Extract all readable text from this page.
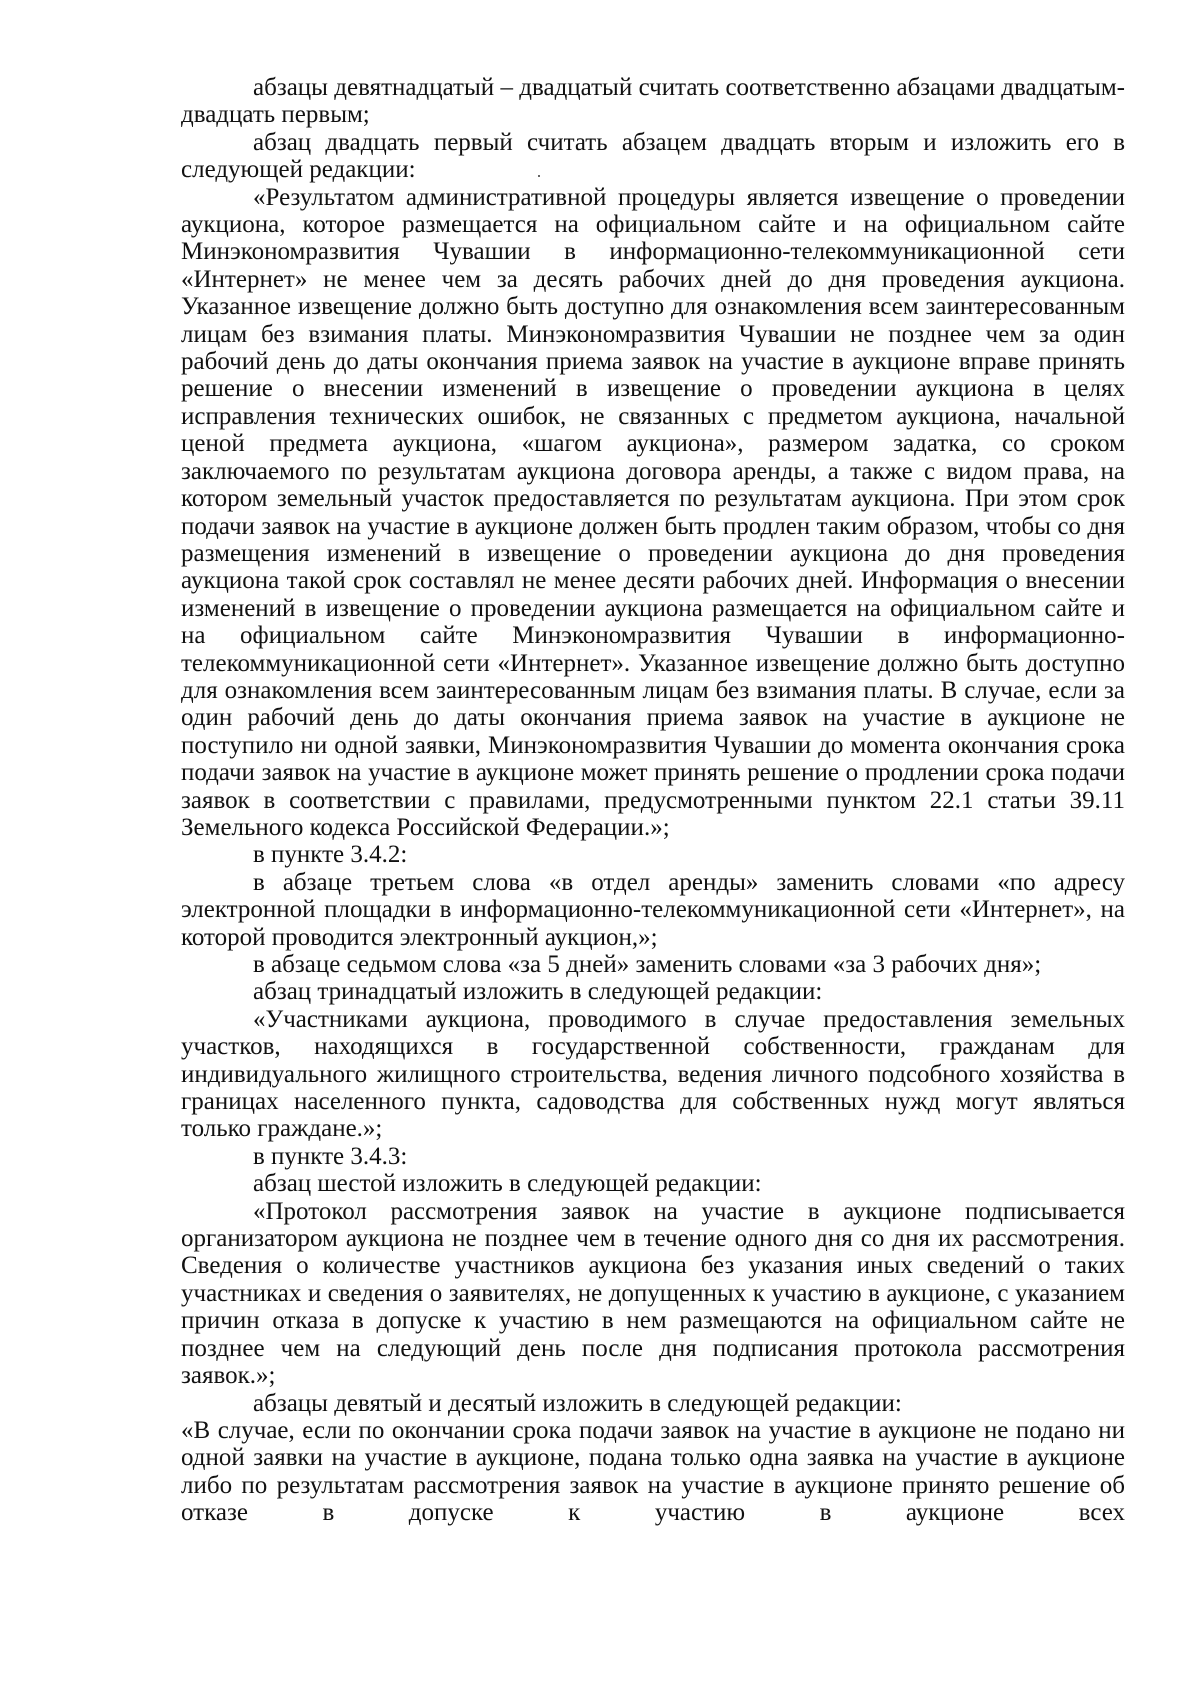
абзацы девятнадцатый – двадцатый считать соответственно абзацами двадцатым- двадцать первым;

абзац двадцать первый считать абзацем двадцать вторым и изложить его в следующей редакции:

«Результатом административной процедуры является извещение о проведении аукциона, которое размещается на официальном сайте и на официальном сайте Минэкономразвития Чувашии в информационно-телекоммуникационной сети «Интернет» не менее чем за десять рабочих дней до дня проведения аукциона. Указанное извещение должно быть доступно для ознакомления всем заинтересованным лицам без взимания платы. Минэкономразвития Чувашии не позднее чем за один рабочий день до даты окончания приема заявок на участие в аукционе вправе принять решение о внесении изменений в извещение о проведении аукциона в целях исправления технических ошибок, не связанных с предметом аукциона, начальной ценой предмета аукциона, «шагом аукциона», размером задатка, со сроком заключаемого по результатам аукциона договора аренды, а также с видом права, на котором земельный участок предоставляется по результатам аукциона. При этом срок подачи заявок на участие в аукционе должен быть продлен таким образом, чтобы со дня размещения изменений в извещение о проведении аукциона до дня проведения аукциона такой срок составлял не менее десяти рабочих дней. Информация о внесении изменений в извещение о проведении аукциона размещается на официальном сайте и на официальном сайте Минэкономразвития Чувашии в информационно-телекоммуникационной сети «Интернет». Указанное извещение должно быть доступно для ознакомления всем заинтересованным лицам без взимания платы. В случае, если за один рабочий день до даты окончания приема заявок на участие в аукционе не поступило ни одной заявки, Минэкономразвития Чувашии до момента окончания срока подачи заявок на участие в аукционе может принять решение о продлении срока подачи заявок в соответствии с правилами, предусмотренными пунктом 22.1 статьи 39.11 Земельного кодекса Российской Федерации.»;

в пункте 3.4.2:

в абзаце третьем слова «в отдел аренды» заменить словами «по адресу электронной площадки в информационно-телекоммуникационной сети «Интернет», на которой проводится электронный аукцион,»;

в абзаце седьмом слова «за 5 дней» заменить словами «за 3 рабочих дня»;

абзац тринадцатый изложить в следующей редакции:

«Участниками аукциона, проводимого в случае предоставления земельных участков, находящихся в государственной собственности, гражданам для индивидуального жилищного строительства, ведения личного подсобного хозяйства в границах населенного пункта, садоводства для собственных нужд могут являться только граждане.»;

в пункте 3.4.3:

абзац шестой изложить в следующей редакции:

«Протокол рассмотрения заявок на участие в аукционе подписывается организатором аукциона не позднее чем в течение одного дня со дня их рассмотрения. Сведения о количестве участников аукциона без указания иных сведений о таких участниках и сведения о заявителях, не допущенных к участию в аукционе, с указанием причин отказа в допуске к участию в нем размещаются на официальном сайте не позднее чем на следующий день после дня подписания протокола рассмотрения заявок.»;

абзацы девятый и десятый изложить в следующей редакции:

«В случае, если по окончании срока подачи заявок на участие в аукционе не подано ни одной заявки на участие в аукционе, подана только одна заявка на участие в аукционе либо по результатам рассмотрения заявок на участие в аукционе принято решение об отказе в допуске к участию в аукционе всех
